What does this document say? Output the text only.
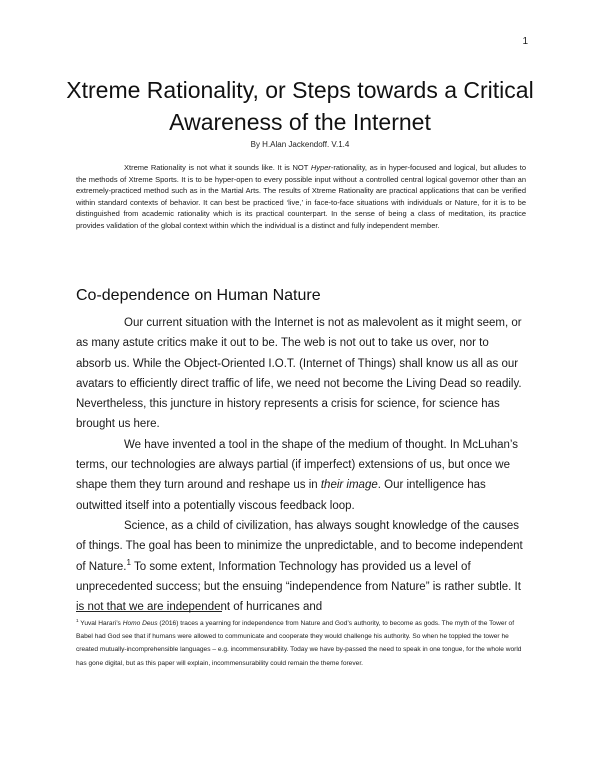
1
Xtreme Rationality, or Steps towards a Critical Awareness of the Internet
By H.Alan Jackendoff. V.1.4

Xtreme Rationality is not what it sounds like. It is NOT Hyper-rationality, as in hyper-focused and logical, but alludes to the methods of Xtreme Sports. It is to be hyper-open to every possible input without a controlled central logical governor other than an extremely-practiced method such as in the Martial Arts. The results of Xtreme Rationality are practical applications that can be verified within standard contexts of behavior. It can best be practiced ‘live,’ in face-to-face situations with individuals or Nature, for it is to be distinguished from academic rationality which is its practical counterpart. In the sense of being a class of meditation, its practice provides validation of the global context within which the individual is a distinct and fully independent member.

Co-dependence on Human Nature

Our current situation with the Internet is not as malevolent as it might seem, or as many astute critics make it out to be. The web is not out to take us over, nor to absorb us. While the Object-Oriented I.O.T. (Internet of Things) shall know us all as our avatars to efficiently direct traffic of life, we need not become the Living Dead so readily. Nevertheless, this juncture in history represents a crisis for science, for science has brought us here.

We have invented a tool in the shape of the medium of thought. In McLuhan’s terms, our technologies are always partial (if imperfect) extensions of us, but once we shape them they turn around and reshape us in their image. Our intelligence has outwitted itself into a potentially viscous feedback loop.

Science, as a child of civilization, has always sought knowledge of the causes of things. The goal has been to minimize the unpredictable, and to become independent of Nature.$^1$ To some extent, Information Technology has provided us a level of unprecedented success; but the ensuing “independence from Nature” is rather subtle. It is not that we are independent of hurricanes and

$^1$ Yuval Harari’s Homo Deus (2016) traces a yearning for independence from Nature and God’s authority, to become as gods. The myth of the Tower of Babel had God see that if humans were allowed to communicate and cooperate they would challenge his authority. So when he toppled the tower he created mutually-incomprehensible languages – e.g. incommensurability. Today we have by-passed the need to speak in one tongue, for the whole world has gone digital, but as this paper will explain, incommensurability could remain the theme forever.
